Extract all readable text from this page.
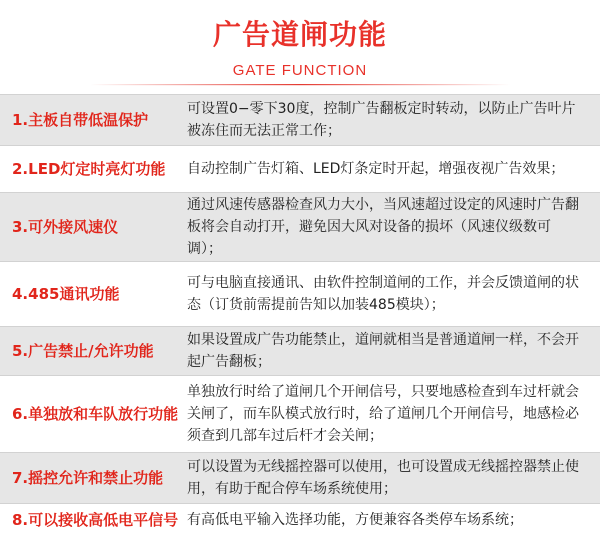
广告道闸功能
GATE FUNCTION
1.主板自带低温保护
可设置0−零下30度，控制广告翻板定时转动，以防止广告叶片被冻住而无法正常工作；
2.LED灯定时亮灯功能	自动控制广告灯箱、LED灯条定时开起，增强夜视广告效果；
3.可外接风速仪
通过风速传感器检查风力大小，当风速超过设定的风速时广告翻板将会自动打开，避免因大风对设备的损坏（风速仪级数可调）；
4.485通讯功能
可与电脑直接通讯、由软件控制道闸的工作，并会反馈道闸的状态（订货前需提前告知以加装485模块）；
5.广告禁止/允许功能
如果设置成广告功能禁止，道闸就相当是普通道闸一样，不会开起广告翻板；
6.单独放和车队放行功能
单独放行时给了道闸几个开闸信号，只要地感检查到车过杆就会关闸了，而车队模式放行时，给了道闸几个开闸信号，地感检必须查到几部车过后杆才会关闸；
7.摇控允许和禁止功能
可以设置为无线摇控器可以使用，也可设置成无线摇控器禁止使用，有助于配合停车场系统使用；
8.可以接收高低电平信号 有高低电平输入选择功能，方便兼容各类停车场系统；
